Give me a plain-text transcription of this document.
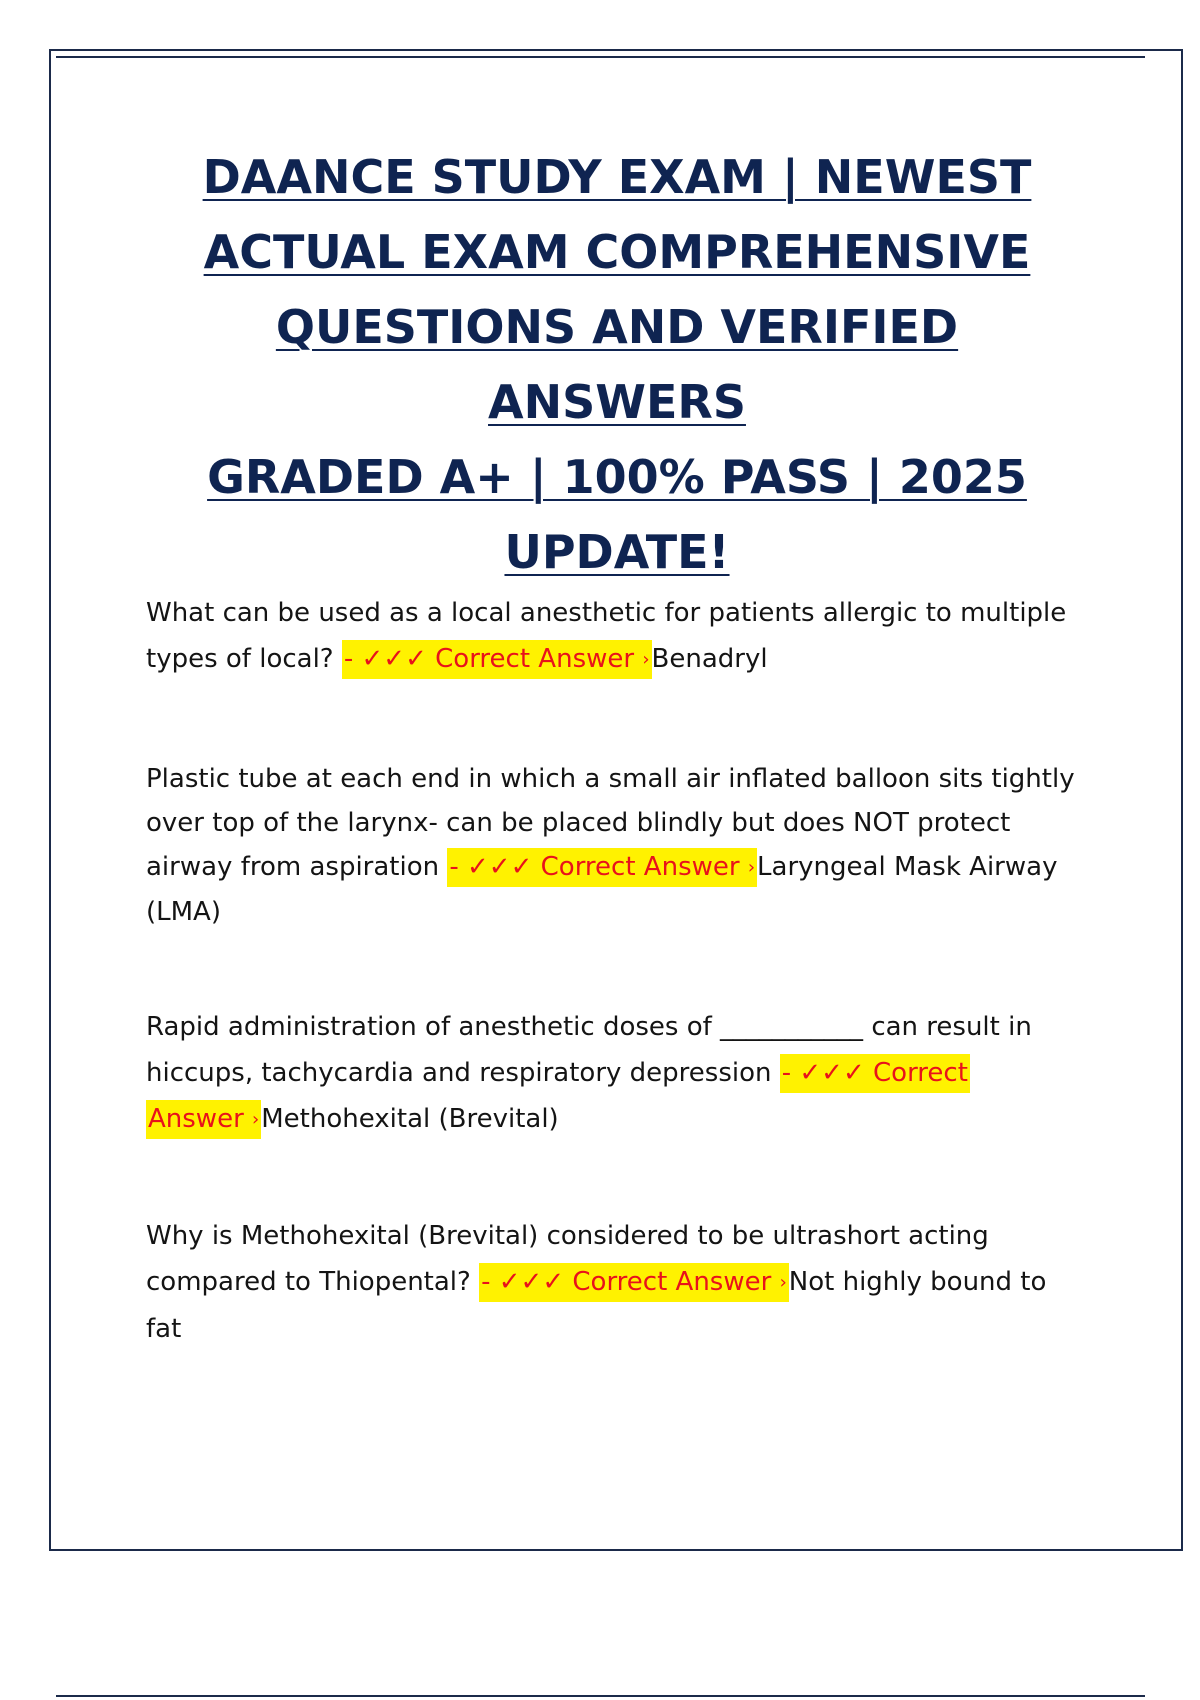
DAANCE STUDY EXAM | NEWEST
ACTUAL EXAM COMPREHENSIVE
QUESTIONS AND VERIFIED ANSWERS
GRADED A+ | 100% PASS | 2025
UPDATE!

What can be used as a local anesthetic for patients allergic to multiple types of local? - ✓✓✓ Correct Answer ›Benadryl

Plastic tube at each end in which a small air inflated balloon sits tightly over top of the larynx- can be placed blindly but does NOT protect airway from aspiration - ✓✓✓ Correct Answer ›Laryngeal Mask Airway (LMA)

Rapid administration of anesthetic doses of ___________ can result in hiccups, tachycardia and respiratory depression - ✓✓✓ Correct
Answer ›Methohexital (Brevital)

Why is Methohexital (Brevital) considered to be ultrashort acting compared to Thiopental? - ✓✓✓ Correct Answer ›Not highly bound to fat
